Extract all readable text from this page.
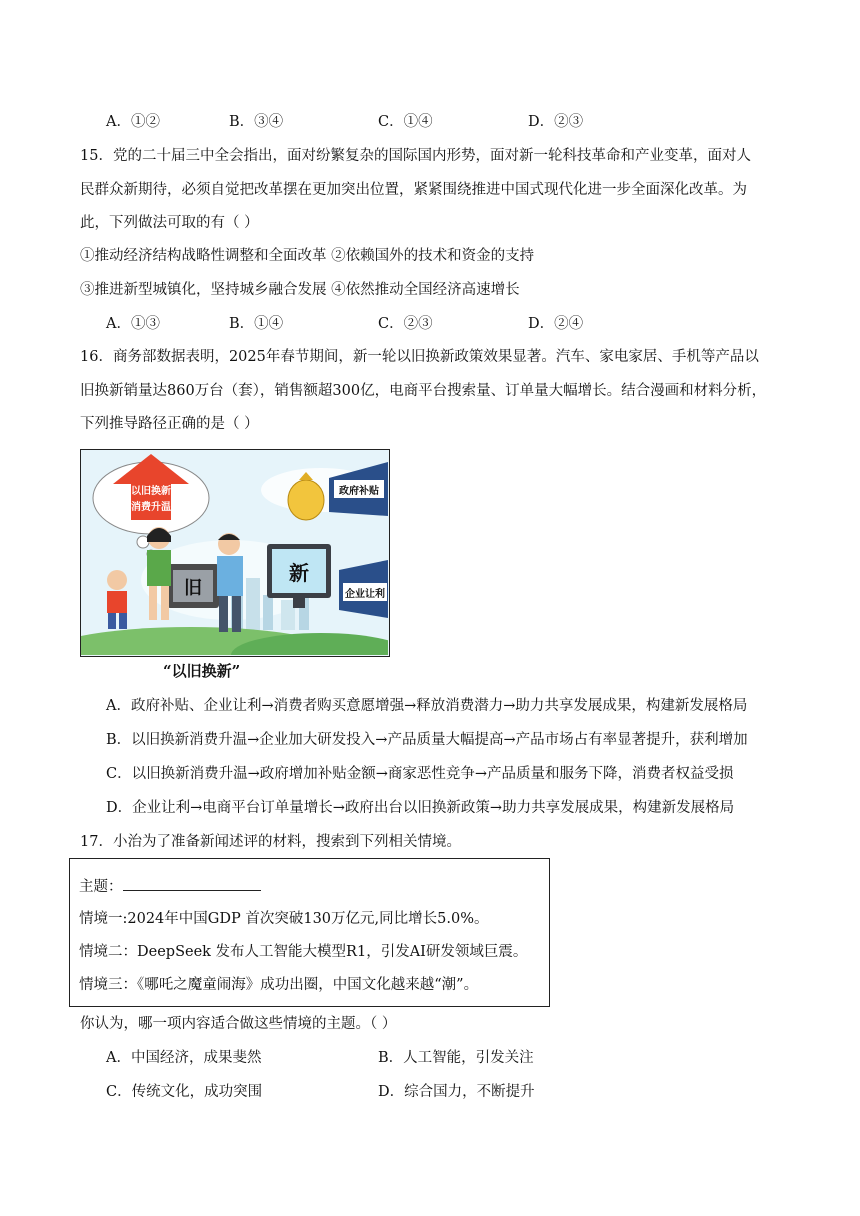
A．①②	B．③④	C．①④	D．②③
15．党的二十届三中全会指出，面对纷繁复杂的国际国内形势，面对新一轮科技革命和产业变革，面对人
民群众新期待，必须自觉把改革摆在更加突出位置，紧紧围绕推进中国式现代化进一步全面深化改革。为
此，下列做法可取的有（ ）
①推动经济结构战略性调整和全面改革 ②依赖国外的技术和资金的支持
③推进新型城镇化，坚持城乡融合发展 ④依然推动全国经济高速增长
A．①③	B．①④	C．②③	D．②④
16．商务部数据表明，2025年春节期间，新一轮以旧换新政策效果显著。汽车、家电家居、手机等产品以
旧换新销量达860万台（套），销售额超300亿，电商平台搜索量、订单量大幅增长。结合漫画和材料分析，
下列推导路径正确的是（ ）
“以旧换新”
消费升温
政府补贴
企业让利
新
旧
“以旧换新”
A．政府补贴、企业让利→消费者购买意愿增强→释放消费潜力→助力共享发展成果，构建新发展格局
B．以旧换新消费升温→企业加大研发投入→产品质量大幅提高→产品市场占有率显著提升，获利增加
C．以旧换新消费升温→政府增加补贴金额→商家恶性竞争→产品质量和服务下降，消费者权益受损
D．企业让利→电商平台订单量增长→政府出台以旧换新政策→助力共享发展成果，构建新发展格局
17．小治为了准备新闻述评的材料，搜索到下列相关情境。
主题：
情境一:2024年中国GDP 首次突破130万亿元,同比增长5.0%。
情境二：DeepSeek 发布人工智能大模型R1，引发AI研发领域巨震。
情境三：《哪吒之魔童闹海》成功出圈，中国文化越来越“潮”。
你认为，哪一项内容适合做这些情境的主题。（ ）
A．中国经济，成果斐然	B．人工智能，引发关注
C．传统文化，成功突围	D．综合国力，不断提升
